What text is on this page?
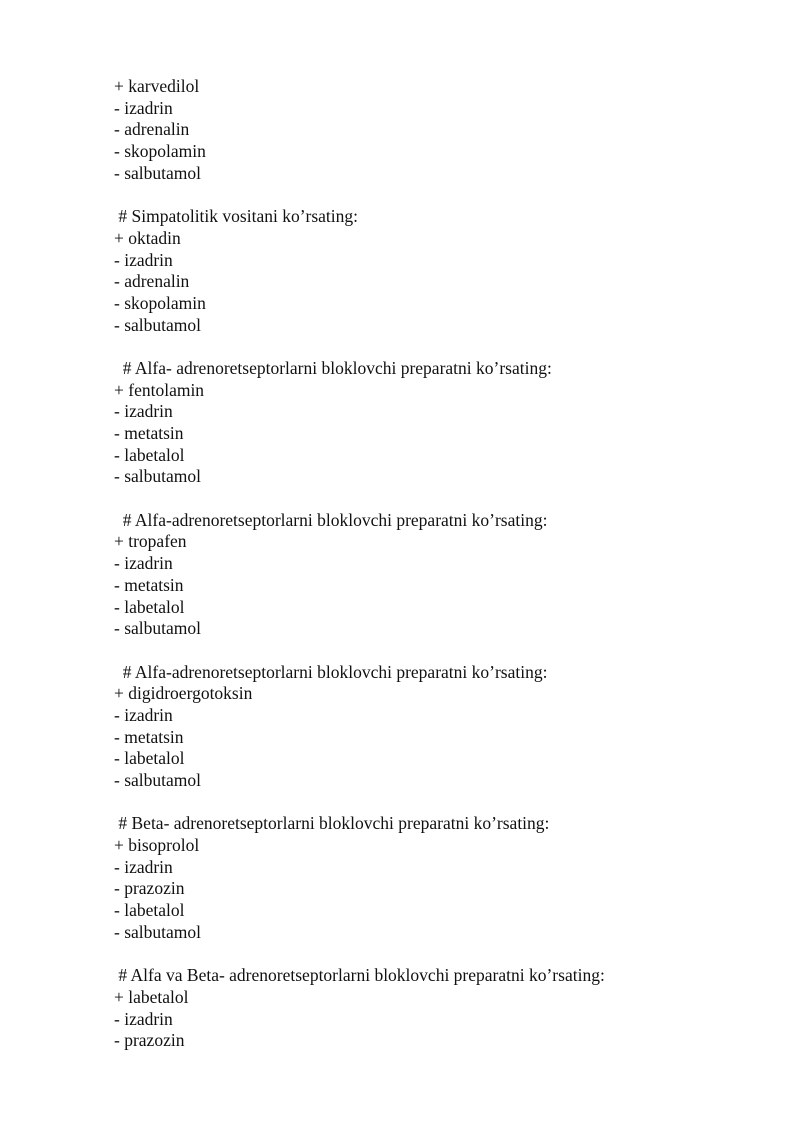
+ karvedilol
- izadrin
- adrenalin
- skopolamin
- salbutamol
# Simpatolitik vositani ko’rsating:
+ oktadin
- izadrin
- adrenalin
- skopolamin
- salbutamol
# Alfa- adrenoretseptorlarni bloklovchi preparatni ko’rsating:
+ fentolamin
- izadrin
- metatsin
- labetalol
- salbutamol
# Alfa-adrenoretseptorlarni bloklovchi preparatni ko’rsating:
+ tropafen
- izadrin
- metatsin
- labetalol
- salbutamol
# Alfa-adrenoretseptorlarni bloklovchi preparatni ko’rsating:
+ digidroergotoksin
- izadrin
- metatsin
- labetalol
- salbutamol
# Beta- adrenoretseptorlarni bloklovchi preparatni ko’rsating:
+ bisoprolol
- izadrin
- prazozin
- labetalol
- salbutamol
# Alfa va Beta- adrenoretseptorlarni bloklovchi preparatni ko’rsating:
+ labetalol
- izadrin
- prazozin
